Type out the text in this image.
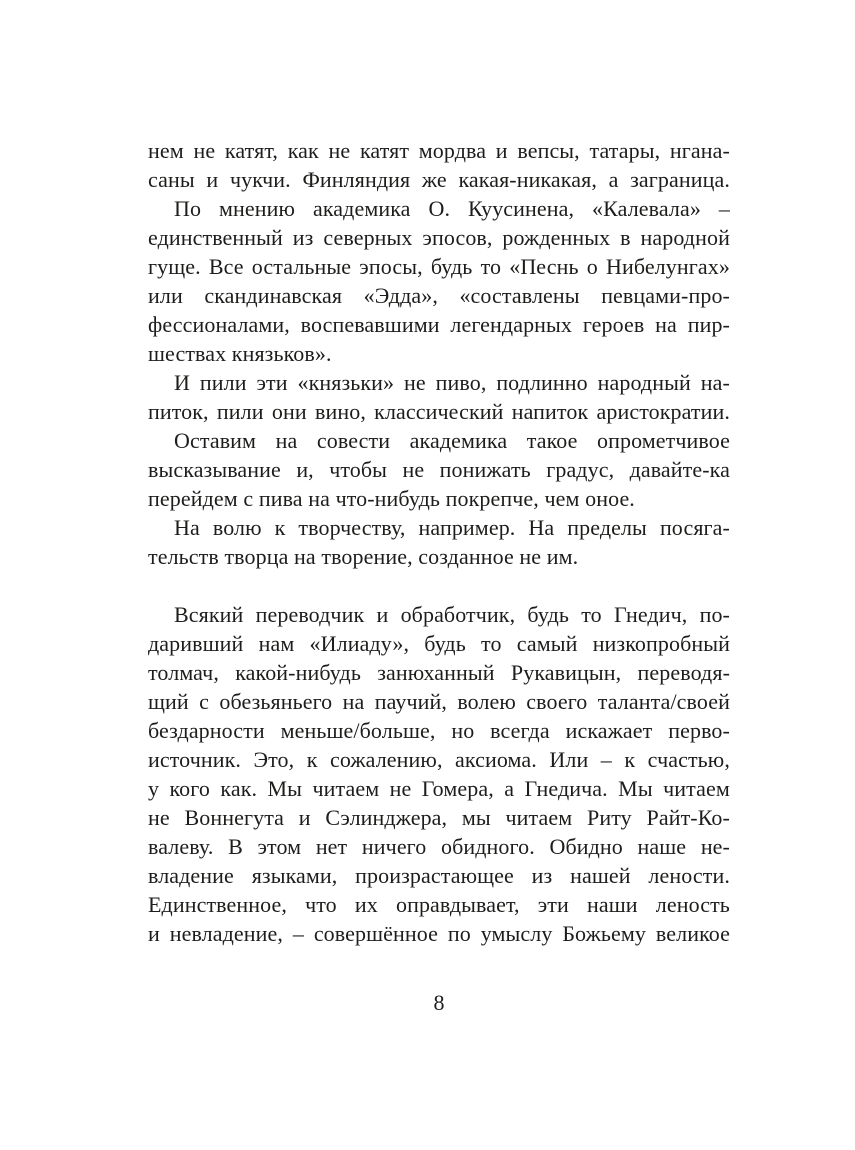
нем не катят, как не катят мордва и вепсы, татары, нгана-
саны и чукчи. Финляндия же какая-никакая, а заграница.
По мнению академика О. Куусинена, «Калевала» –
единственный из северных эпосов, рожденных в народной
гуще. Все остальные эпосы, будь то «Песнь о Нибелунгах»
или скандинавская «Эдда», «составлены певцами-про-
фессионалами, воспевавшими легендарных героев на пир-
шествах князьков».
И пили эти «князьки» не пиво, подлинно народный на-
питок, пили они вино, классический напиток аристократии.
Оставим на совести академика такое опрометчивое
высказывание и, чтобы не понижать градус, давайте-ка
перейдем с пива на что-нибудь покрепче, чем оное.
На волю к творчеству, например. На пределы посяга-
тельств творца на творение, созданное не им.
Всякий переводчик и обработчик, будь то Гнедич, по-
даривший нам «Илиаду», будь то самый низкопробный
толмач, какой-нибудь занюханный Рукавицын, переводя-
щий с обезьяньего на паучий, волею своего таланта/своей
бездарности меньше/больше, но всегда искажает перво-
источник. Это, к сожалению, аксиома. Или – к счастью,
у кого как. Мы читаем не Гомера, а Гнедича. Мы читаем
не Воннегута и Сэлинджера, мы читаем Риту Райт-Ко-
валеву. В этом нет ничего обидного. Обидно наше не-
владение языками, произрастающее из нашей лености.
Единственное, что их оправдывает, эти наши леность
и невладение, – совершённое по умыслу Божьему великое
8
